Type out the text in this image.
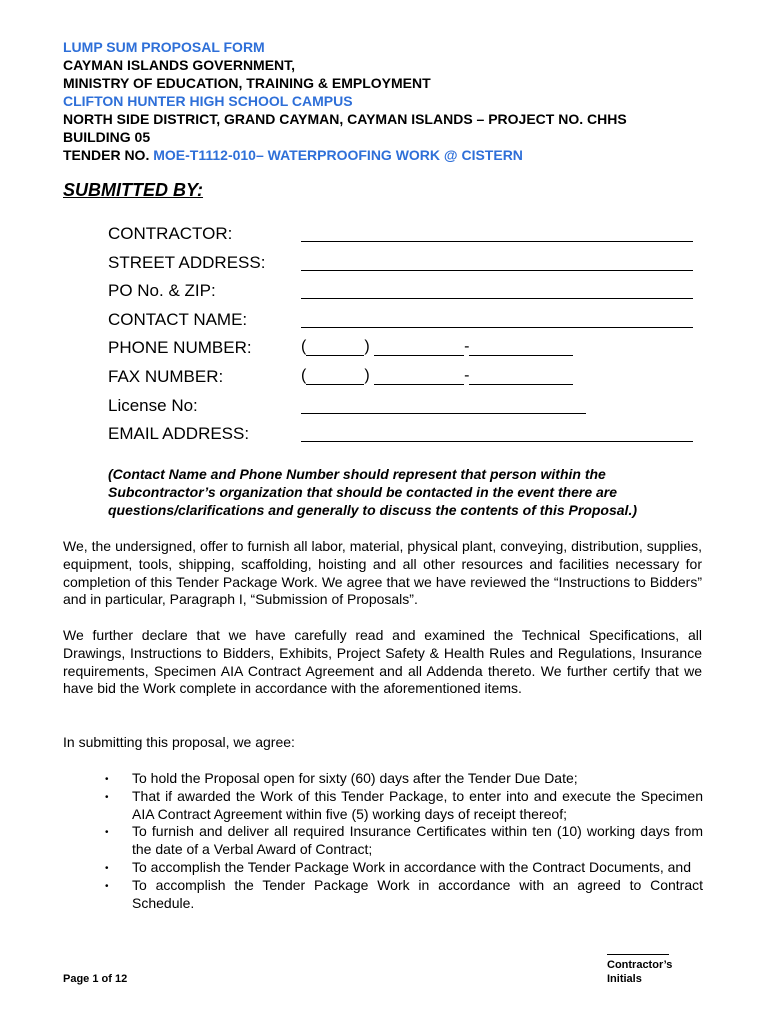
LUMP SUM PROPOSAL FORM
CAYMAN ISLANDS GOVERNMENT,
MINISTRY OF EDUCATION, TRAINING & EMPLOYMENT
CLIFTON HUNTER HIGH SCHOOL CAMPUS
NORTH SIDE DISTRICT, GRAND CAYMAN, CAYMAN ISLANDS – PROJECT NO. CHHS
BUILDING 05
TENDER NO. MOE-T1112-010– WATERPROOFING WORK @ CISTERN
SUBMITTED BY:
CONTRACTOR:
STREET ADDRESS:
PO No. & ZIP:
CONTACT NAME:
PHONE NUMBER:	(	)	-
FAX NUMBER:	(	)	-
License No:
EMAIL ADDRESS:
(Contact Name and Phone Number should represent that person within the Subcontractor’s organization that should be contacted in the event there are questions/clarifications and generally to discuss the contents of this Proposal.)
We, the undersigned, offer to furnish all labor, material, physical plant, conveying, distribution, supplies, equipment, tools, shipping, scaffolding, hoisting and all other resources and facilities necessary for completion of this Tender Package Work. We agree that we have reviewed the “Instructions to Bidders” and in particular, Paragraph I, “Submission of Proposals”.
We further declare that we have carefully read and examined the Technical Specifications, all Drawings, Instructions to Bidders, Exhibits, Project Safety & Health Rules and Regulations, Insurance requirements, Specimen AIA Contract Agreement and all Addenda thereto. We further certify that we have bid the Work complete in accordance with the aforementioned items.
In submitting this proposal, we agree:
• To hold the Proposal open for sixty (60) days after the Tender Due Date;
• That if awarded the Work of this Tender Package, to enter into and execute the Specimen AIA Contract Agreement within five (5) working days of receipt thereof;
• To furnish and deliver all required Insurance Certificates within ten (10) working days from the date of a Verbal Award of Contract;
• To accomplish the Tender Package Work in accordance with the Contract Documents, and
• To accomplish the Tender Package Work in accordance with an agreed to Contract Schedule.
Page 1 of 12
Contractor’s
Initials
